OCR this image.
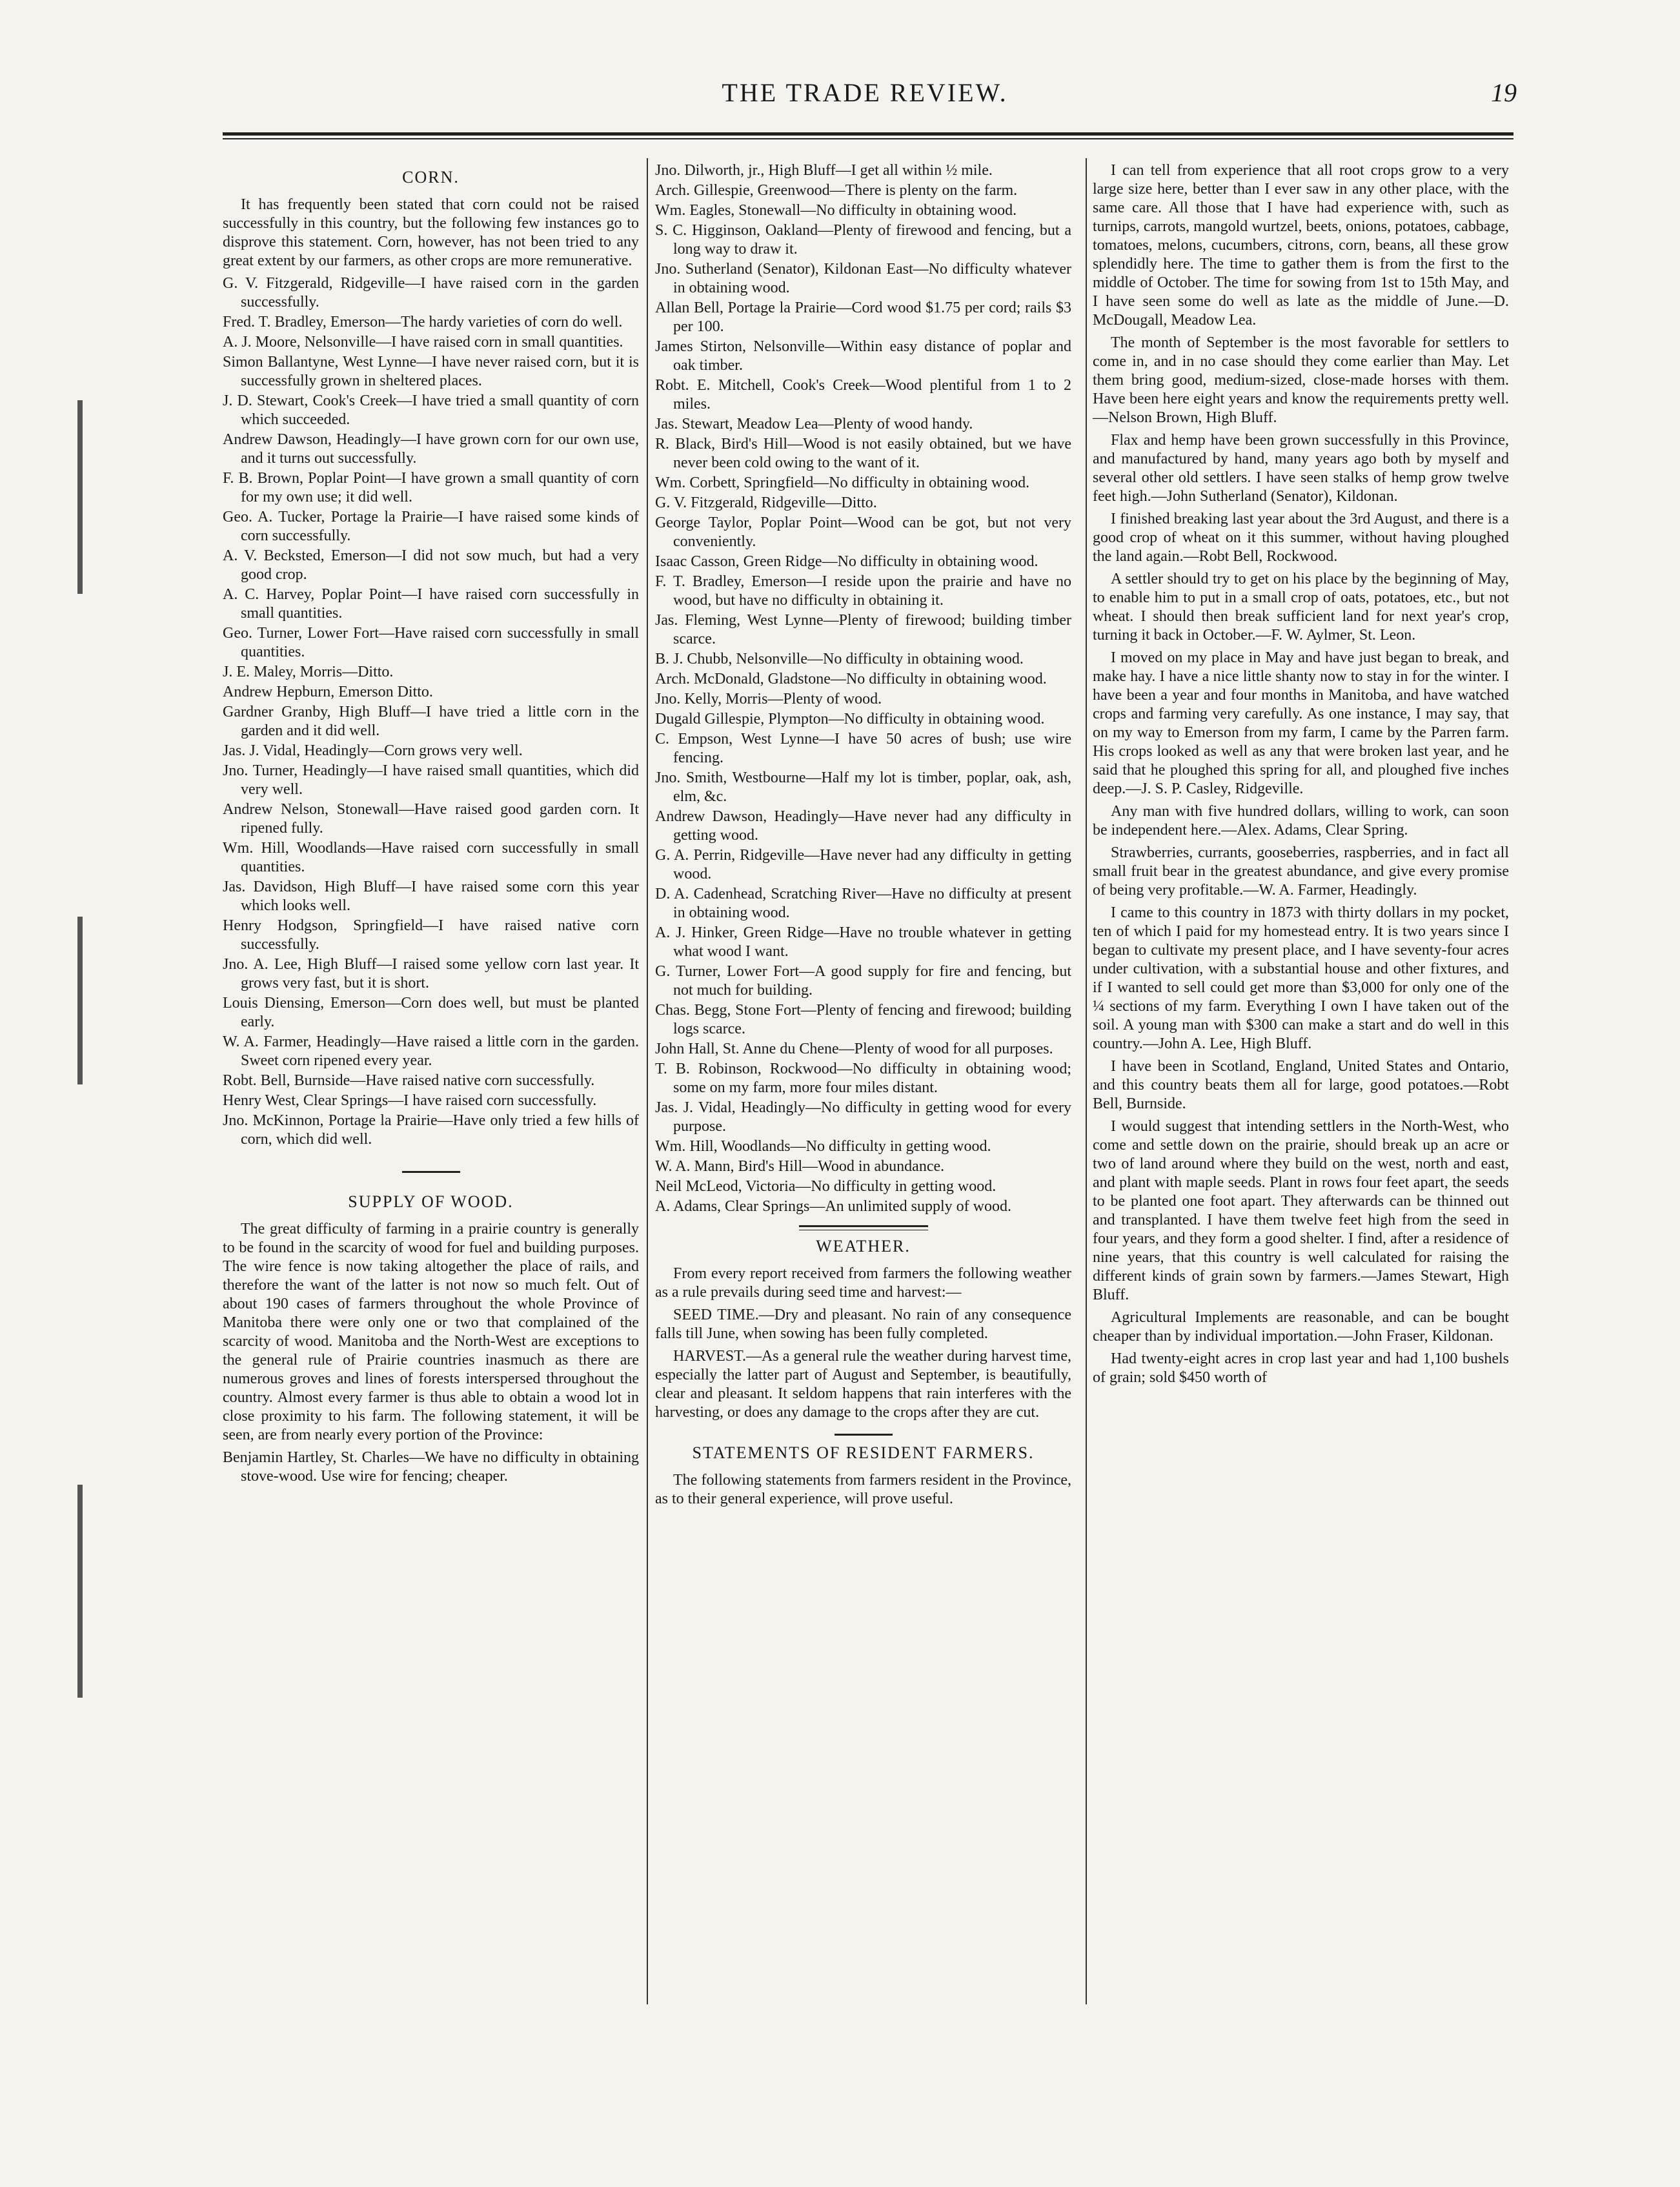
THE TRADE REVIEW.	19
CORN.

It has frequently been stated that corn could not be raised successfully in this country, but the following few instances go to disprove this statement. Corn, however, has not been tried to any great extent by our farmers, as other crops are more remunerative.

G. V. Fitzgerald, Ridgeville—I have raised corn in the garden successfully.
Fred. T. Bradley, Emerson—The hardy varieties of corn do well.
A. J. Moore, Nelsonville—I have raised corn in small quantities.
Simon Ballantyne, West Lynne—I have never raised corn, but it is successfully grown in sheltered places.
J. D. Stewart, Cook's Creek—I have tried a small quantity of corn which succeeded.
Andrew Dawson, Headingly—I have grown corn for our own use, and it turns out successfully.
F. B. Brown, Poplar Point—I have grown a small quantity of corn for my own use; it did well.
Geo. A. Tucker, Portage la Prairie—I have raised some kinds of corn successfully.
A. V. Becksted, Emerson—I did not sow much, but had a very good crop.
A. C. Harvey, Poplar Point—I have raised corn successfully in small quantities.
Geo. Turner, Lower Fort—Have raised corn successfully in small quantities.
J. E. Maley, Morris—Ditto.
Andrew Hepburn, Emerson Ditto.
Gardner Granby, High Bluff—I have tried a little corn in the garden and it did well.
Jas. J. Vidal, Headingly—Corn grows very well.
Jno. Turner, Headingly—I have raised small quantities, which did very well.
Andrew Nelson, Stonewall—Have raised good garden corn. It ripened fully.
Wm. Hill, Woodlands—Have raised corn successfully in small quantities.
Jas. Davidson, High Bluff—I have raised some corn this year which looks well.
Henry Hodgson, Springfield—I have raised native corn successfully.
Jno. A. Lee, High Bluff—I raised some yellow corn last year. It grows very fast, but it is short.
Louis Diensing, Emerson—Corn does well, but must be planted early.
W. A. Farmer, Headingly—Have raised a little corn in the garden. Sweet corn ripened every year.
Robt. Bell, Burnside—Have raised native corn successfully.
Henry West, Clear Springs—I have raised corn successfully.
Jno. McKinnon, Portage la Prairie—Have only tried a few hills of corn, which did well.
SUPPLY OF WOOD.

The great difficulty of farming in a prairie country is generally to be found in the scarcity of wood for fuel and building purposes. The wire fence is now taking altogether the place of rails, and therefore the want of the latter is not now so much felt. Out of about 190 cases of farmers throughout the whole Province of Manitoba there were only one or two that complained of the scarcity of wood. Manitoba and the North-West are exceptions to the general rule of Prairie countries inasmuch as there are numerous groves and lines of forests interspersed throughout the country. Almost every farmer is thus able to obtain a wood lot in close proximity to his farm. The following statement, it will be seen, are from nearly every portion of the Province:

Benjamin Hartley, St. Charles—We have no difficulty in obtaining stove-wood. Use wire for fencing; cheaper.
Jno. Dilworth, jr., High Bluff—I get all within ½ mile.
Arch. Gillespie, Greenwood—There is plenty on the farm.
Wm. Eagles, Stonewall—No difficulty in obtaining wood.
S. C. Higginson, Oakland—Plenty of firewood and fencing, but a long way to draw it.
Jno. Sutherland (Senator), Kildonan East—No difficulty whatever in obtaining wood.
Allan Bell, Portage la Prairie—Cord wood $1.75 per cord; rails $3 per 100.
James Stirton, Nelsonville—Within easy distance of poplar and oak timber.
Robt. E. Mitchell, Cook's Creek—Wood plentiful from 1 to 2 miles.
Jas. Stewart, Meadow Lea—Plenty of wood handy.
R. Black, Bird's Hill—Wood is not easily obtained, but we have never been cold owing to the want of it.
Wm. Corbett, Springfield—No difficulty in obtaining wood.
G. V. Fitzgerald, Ridgeville—Ditto.
George Taylor, Poplar Point—Wood can be got, but not very conveniently.
Isaac Casson, Green Ridge—No difficulty in obtaining wood.
F. T. Bradley, Emerson—I reside upon the prairie and have no wood, but have no difficulty in obtaining it.
Jas. Fleming, West Lynne—Plenty of firewood; building timber scarce.
B. J. Chubb, Nelsonville—No difficulty in obtaining wood.
Arch. McDonald, Gladstone—No difficulty in obtaining wood.
Jno. Kelly, Morris—Plenty of wood.
Dugald Gillespie, Plympton—No difficulty in obtaining wood.
C. Empson, West Lynne—I have 50 acres of bush; use wire fencing.
Jno. Smith, Westbourne—Half my lot is timber, poplar, oak, ash, elm, &c.
Andrew Dawson, Headingly—Have never had any difficulty in getting wood.
G. A. Perrin, Ridgeville—Have never had any difficulty in getting wood.
D. A. Cadenhead, Scratching River—Have no difficulty at present in obtaining wood.
A. J. Hinker, Green Ridge—Have no trouble whatever in getting what wood I want.
G. Turner, Lower Fort—A good supply for fire and fencing, but not much for building.
Chas. Begg, Stone Fort—Plenty of fencing and firewood; building logs scarce.
John Hall, St. Anne du Chene—Plenty of wood for all purposes.
T. B. Robinson, Rockwood—No difficulty in obtaining wood; some on my farm, more four miles distant.
Jas. J. Vidal, Headingly—No difficulty in getting wood for every purpose.
Wm. Hill, Woodlands—No difficulty in getting wood.
W. A. Mann, Bird's Hill—Wood in abundance.
Neil McLeod, Victoria—No difficulty in getting wood.
A. Adams, Clear Springs—An unlimited supply of wood.
WEATHER.

From every report received from farmers the following weather as a rule prevails during seed time and harvest:—

SEED TIME.—Dry and pleasant. No rain of any consequence falls till June, when sowing has been fully completed.

HARVEST.—As a general rule the weather during harvest time, especially the latter part of August and September, is beautifully, clear and pleasant. It seldom happens that rain interferes with the harvesting, or does any damage to the crops after they are cut.

STATEMENTS OF RESIDENT FARMERS.

The following statements from farmers resident in the Province, as to their general experience, will prove useful.

I can tell from experience that all root crops grow to a very large size here, better than I ever saw in any other place, with the same care. All those that I have had experience with, such as turnips, carrots, mangold wurtzel, beets, onions, potatoes, cabbage, tomatoes, melons, cucumbers, citrons, corn, beans, all these grow splendidly here. The time to gather them is from the first to the middle of October. The time for sowing from 1st to 15th May, and I have seen some do well as late as the middle of June.—D. McDougall, Meadow Lea.

The month of September is the most favorable for settlers to come in, and in no case should they come earlier than May. Let them bring good, medium-sized, close-made horses with them. Have been here eight years and know the requirements pretty well.—Nelson Brown, High Bluff.

Flax and hemp have been grown successfully in this Province, and manufactured by hand, many years ago both by myself and several other old settlers. I have seen stalks of hemp grow twelve feet high.—John Sutherland (Senator), Kildonan.

I finished breaking last year about the 3rd August, and there is a good crop of wheat on it this summer, without having ploughed the land again.—Robt Bell, Rockwood.

A settler should try to get on his place by the beginning of May, to enable him to put in a small crop of oats, potatoes, etc., but not wheat. I should then break sufficient land for next year's crop, turning it back in October.—F. W. Aylmer, St. Leon.

I moved on my place in May and have just began to break, and make hay. I have a nice little shanty now to stay in for the winter. I have been a year and four months in Manitoba, and have watched crops and farming very carefully. As one instance, I may say, that on my way to Emerson from my farm, I came by the Parren farm. His crops looked as well as any that were broken last year, and he said that he ploughed this spring for all, and ploughed five inches deep.—J. S. P. Casley, Ridgeville.

Any man with five hundred dollars, willing to work, can soon be independent here.—Alex. Adams, Clear Spring.

Strawberries, currants, gooseberries, raspberries, and in fact all small fruit bear in the greatest abundance, and give every promise of being very profitable.—W. A. Farmer, Headingly.

I came to this country in 1873 with thirty dollars in my pocket, ten of which I paid for my homestead entry. It is two years since I began to cultivate my present place, and I have seventy-four acres under cultivation, with a substantial house and other fixtures, and if I wanted to sell could get more than $3,000 for only one of the ¼ sections of my farm. Everything I own I have taken out of the soil. A young man with $300 can make a start and do well in this country.—John A. Lee, High Bluff.

I have been in Scotland, England, United States and Ontario, and this country beats them all for large, good potatoes.—Robt Bell, Burnside.

I would suggest that intending settlers in the North-West, who come and settle down on the prairie, should break up an acre or two of land around where they build on the west, north and east, and plant with maple seeds. Plant in rows four feet apart, the seeds to be planted one foot apart. They afterwards can be thinned out and transplanted. I have them twelve feet high from the seed in four years, and they form a good shelter. I find, after a residence of nine years, that this country is well calculated for raising the different kinds of grain sown by farmers.—James Stewart, High Bluff.

Agricultural Implements are reasonable, and can be bought cheaper than by individual importation.—John Fraser, Kildonan.

Had twenty-eight acres in crop last year and had 1,100 bushels of grain; sold $450 worth of
